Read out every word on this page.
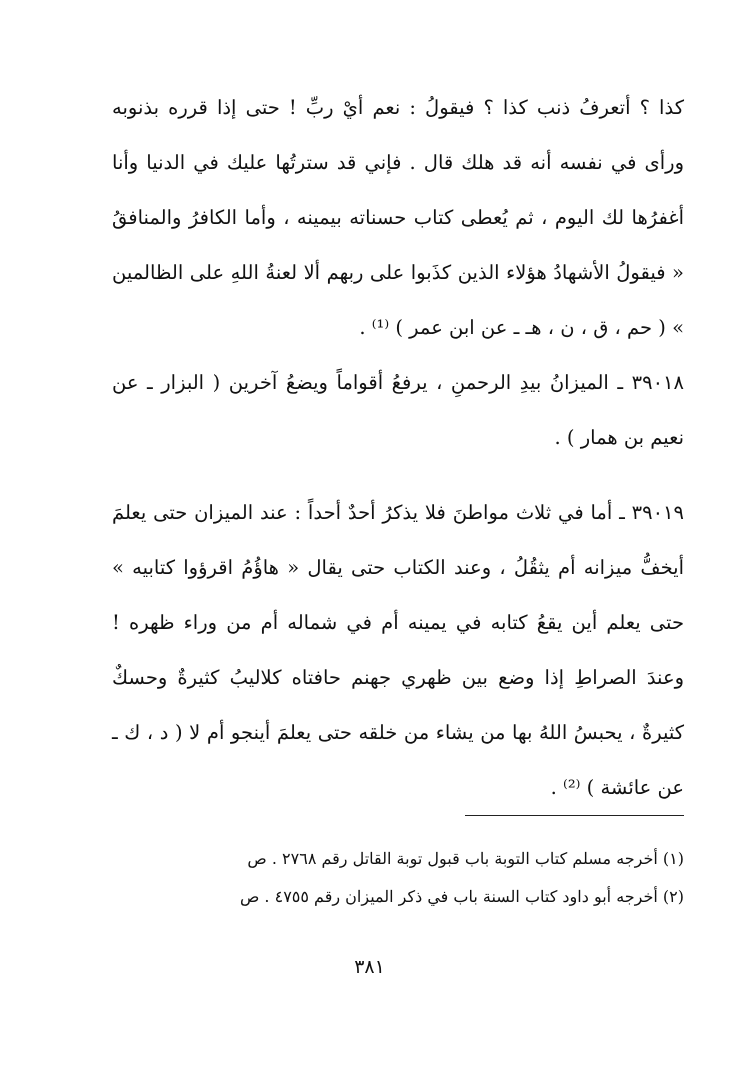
كذا ؟ أتعرفُ ذنب كذا ؟ فيقولُ : نعم أيْ ربِّ ! حتى إذا قرره بذنوبه ورأى في نفسه أنه قد هلك قال . فإني قد سترتُها عليك في الدنيا وأنا أغفرُها لك اليوم ، ثم يُعطى كتاب حسناته بيمينه ، وأما الكافرُ والمنافقُ « فيقولُ الأشهادُ هؤلاء الذين كذَبوا على ربهم ألا لعنةُ اللهِ على الظالمين » ( حم ، ق ، ن ، هـ ـ عن ابن عمر ) ⁽¹⁾ .

٣٩٠١٨ ـ الميزانُ بيدِ الرحمنِ ، يرفعُ أقواماً ويضعُ آخرين ( البزار ـ عن نعيم بن همار ) .

٣٩٠١٩ ـ أما في ثلاث مواطنَ فلا يذكرُ أحدٌ أحداً : عند الميزان حتى يعلمَ أيخفُّ ميزانه أم يثقُلُ ، وعند الكتاب حتى يقال « هاؤُمُ اقرؤوا كتابيه » حتى يعلم أين يقعُ كتابه في يمينه أم في شماله أم من وراء ظهره ! وعندَ الصراطِ إذا وضع بين ظهري جهنم حافتاه كلاليبُ كثيرةٌ وحسكٌ كثيرةٌ ، يحبسُ اللهُ بها من يشاء من خلقه حتى يعلمَ أينجو أم لا ( د ، ك ـ عن عائشة ) ⁽²⁾ .

(١) أخرجه مسلم كتاب التوبة باب قبول توبة القاتل رقم ٢٧٦٨ . ص
(٢) أخرجه أبو داود كتاب السنة باب في ذكر الميزان رقم ٤٧٥٥ . ص
٣٨١
